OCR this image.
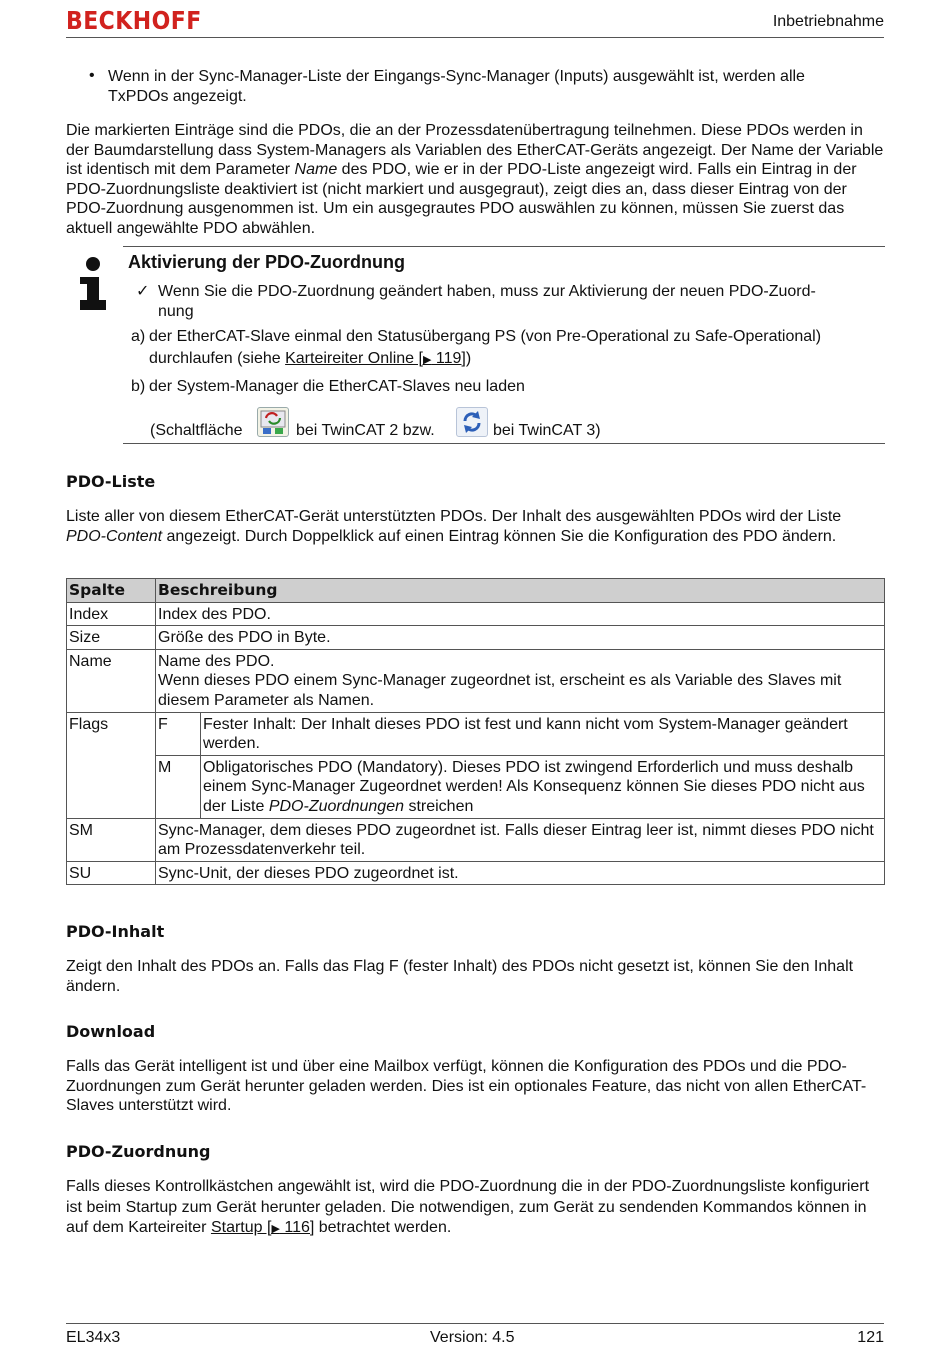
BECKHOFF	Inbetriebnahme
• Wenn in der Sync-Manager-Liste der Eingangs-Sync-Manager (Inputs) ausgewählt ist, werden alle TxPDOs angezeigt.
Die markierten Einträge sind die PDOs, die an der Prozessdatenübertragung teilnehmen. Diese PDOs werden in der Baumdarstellung dass System-Managers als Variablen des EtherCAT-Geräts angezeigt. Der Name der Variable ist identisch mit dem Parameter Name des PDO, wie er in der PDO-Liste angezeigt wird. Falls ein Eintrag in der PDO-Zuordnungsliste deaktiviert ist (nicht markiert und ausgegraut), zeigt dies an, dass dieser Eintrag von der PDO-Zuordnung ausgenommen ist. Um ein ausgegrautes PDO auswählen zu können, müssen Sie zuerst das aktuell angewählte PDO abwählen.
Aktivierung der PDO-Zuordnung
✓ Wenn Sie die PDO-Zuordnung geändert haben, muss zur Aktivierung der neuen PDO-Zuord-
nung
a) der EtherCAT-Slave einmal den Statusübergang PS (von Pre-Operational zu Safe-Operational)
durchlaufen (siehe Karteireiter Online [▶ 119])
b) der System-Manager die EtherCAT-Slaves neu laden
(Schaltfläche	bei TwinCAT 2 bzw.	bei TwinCAT 3)
PDO-Liste
Liste aller von diesem EtherCAT-Gerät unterstützten PDOs. Der Inhalt des ausgewählten PDOs wird der Liste PDO-Content angezeigt. Durch Doppelklick auf einen Eintrag können Sie die Konfiguration des PDO ändern.
Spalte	Beschreibung	
Index	Index des PDO.	
Size	Größe des PDO in Byte.	
Name	Name des PDO.
Wenn dieses PDO einem Sync-Manager zugeordnet ist, erscheint es als Variable des Slaves mit diesem Parameter als Namen.	

Flags	F	Fester Inhalt: Der Inhalt dieses PDO ist fest und kann nicht vom System-Manager geändert werden.
	M	Obligatorisches PDO (Mandatory). Dieses PDO ist zwingend Erforderlich und muss deshalb einem Sync-Manager Zugeordnet werden! Als Konsequenz können Sie dieses PDO nicht aus der Liste PDO-Zuordnungen streichen
SM	Sync-Manager, dem dieses PDO zugeordnet ist. Falls dieser Eintrag leer ist, nimmt dieses PDO nicht am Prozessdatenverkehr teil.	
SU	Sync-Unit, der dieses PDO zugeordnet ist.	
PDO-Inhalt
Zeigt den Inhalt des PDOs an. Falls das Flag F (fester Inhalt) des PDOs nicht gesetzt ist, können Sie den Inhalt ändern.
Download
Falls das Gerät intelligent ist und über eine Mailbox verfügt, können die Konfiguration des PDOs und die PDO-Zuordnungen zum Gerät herunter geladen werden. Dies ist ein optionales Feature, das nicht von allen EtherCAT-Slaves unterstützt wird.
PDO-Zuordnung
Falls dieses Kontrollkästchen angewählt ist, wird die PDO-Zuordnung die in der PDO-Zuordnungsliste konfiguriert ist beim Startup zum Gerät herunter geladen. Die notwendigen, zum Gerät zu sendenden Kommandos können in auf dem Karteireiter Startup [▶ 116] betrachtet werden.
EL34x3	Version: 4.5	121
